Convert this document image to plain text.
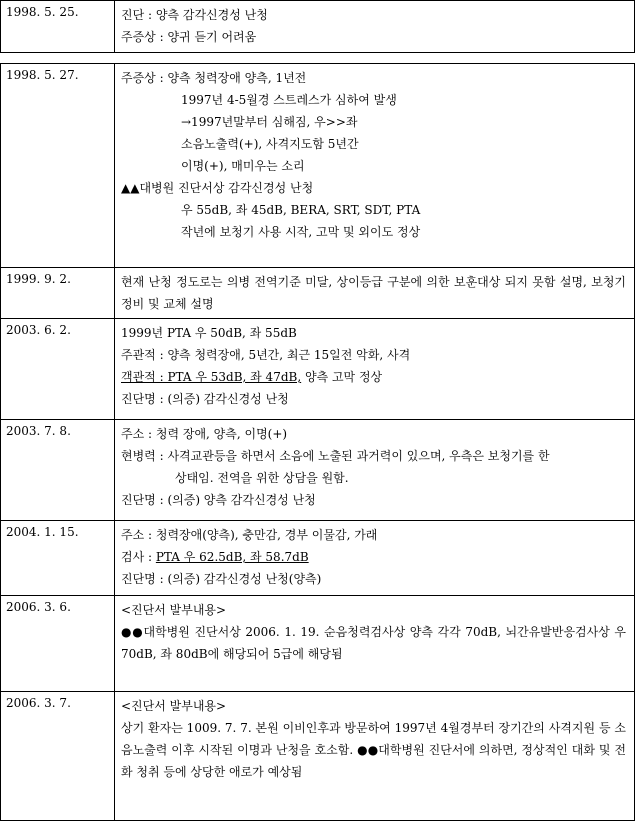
1998. 5. 25.	진단 : 양측 감각신경성 난청
주증상 : 양귀 듣기 어려움
1998. 5. 27.	주증상 : 양측 청력장애 양측, 1년전
1997년 4-5월경 스트레스가 심하여 발생
→1997년말부터 심해짐, 우>>좌
소음노출력(+), 사격지도함 5년간
이명(+), 매미우는 소리
▲▲대병원 진단서상 감각신경성 난청
우 55dB, 좌 45dB, BERA, SRT, SDT, PTA
작년에 보청기 사용 시작, 고막 및 외이도 정상
1999. 9. 2.	현재 난청 정도로는 의병 전역기준 미달, 상이등급 구분에 의한 보훈대상 되지 못함 설명, 보청기 정비 및 교체 설명
2003. 6. 2.	1999년 PTA 우 50dB, 좌 55dB
주관적 : 양측 청력장애, 5년간, 최근 15일전 악화, 사격
객관적 : PTA 우 53dB, 좌 47dB, 양측 고막 정상
진단명 : (의증) 감각신경성 난청
2003. 7. 8.	주소 : 청력 장애, 양측, 이명(+)
현병력 : 사격교관등을 하면서 소음에 노출된 과거력이 있으며, 우측은 보청기를 한
상태임. 전역을 위한 상담을 원함.
진단명 : (의증) 양측 감각신경성 난청
2004. 1. 15.	주소 : 청력장애(양측), 충만감, 경부 이물감, 가래
검사 : PTA 우 62.5dB, 좌 58.7dB
진단명 : (의증) 감각신경성 난청(양측)
2006. 3. 6.	<진단서 발부내용>
●●대학병원 진단서상 2006. 1. 19. 순음청력검사상 양측 각각 70dB, 뇌간유발반응검사상 우 70dB, 좌 80dB에 해당되어 5급에 해당됨
2006. 3. 7.	<진단서 발부내용>
상기 환자는 1009. 7. 7. 본원 이비인후과 방문하여 1997년 4월경부터 장기간의 사격지원 등 소음노출력 이후 시작된 이명과 난청을 호소함. ●●대학병원 진단서에 의하면, 정상적인 대화 및 전화 청취 등에 상당한 애로가 예상됨
